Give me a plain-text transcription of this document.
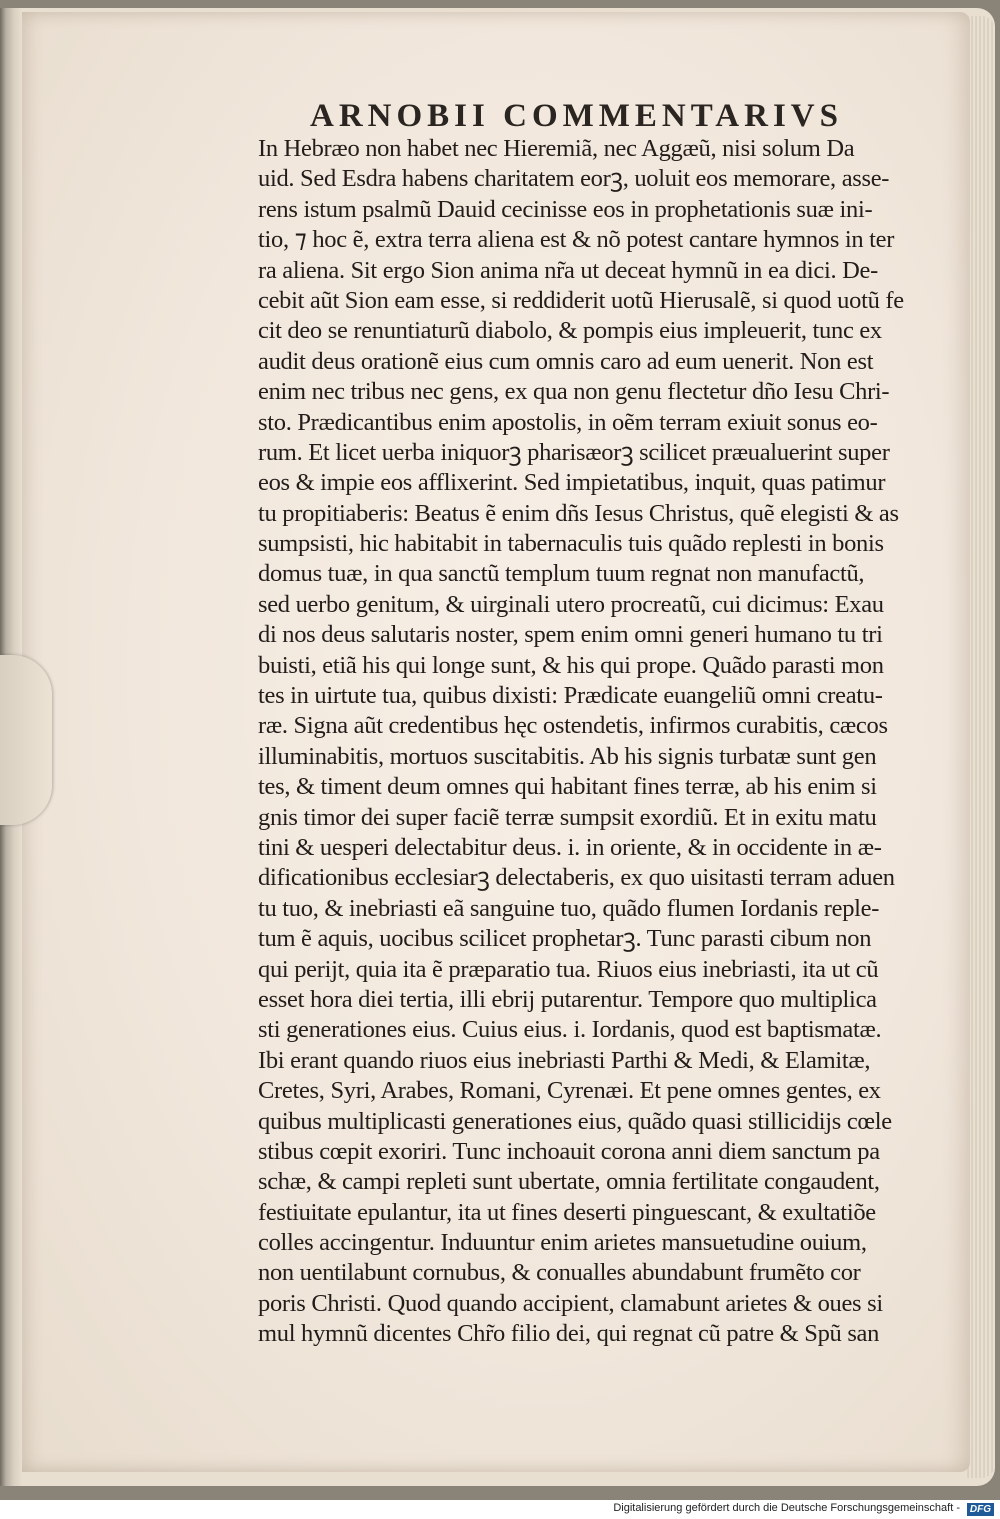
ARNOBII COMMENTARIVS
In Hebræo non habet nec Hieremiã, nec Aggæũ, nisi solum Da
uid. Sed Esdra habens charitatem eorꝫ, uoluit eos memorare, asse-
rens istum psalmũ Dauid cecinisse eos in prophetationis suæ ini-
tio, ⁊ hoc ẽ, extra terra aliena est & nõ potest cantare hymnos in ter
ra aliena. Sit ergo Sion anima nr̃a ut deceat hymnũ in ea dici. De-
cebit aũt Sion eam esse, si reddiderit uotũ Hierusalẽ, si quod uotũ fe
cit deo se renuntiaturũ diabolo, & pompis eius impleuerit, tunc ex
audit deus orationẽ eius cum omnis caro ad eum uenerit. Non est
enim nec tribus nec gens, ex qua non genu flectetur dño Iesu Chri-
sto. Prædicantibus enim apostolis, in oẽm terram exiuit sonus eo-
rum. Et licet uerba iniquorꝫ pharisæorꝫ scilicet præualuerint super
eos & impie eos afflixerint. Sed impietatibus, inquit, quas patimur
tu propitiaberis: Beatus ẽ enim dñs Iesus Christus, quẽ elegisti & as
sumpsisti, hic habitabit in tabernaculis tuis quãdo replesti in bonis
domus tuæ, in qua sanctũ templum tuum regnat non manufactũ,
sed uerbo genitum, & uirginali utero procreatũ, cui dicimus: Exau
di nos deus salutaris noster, spem enim omni generi humano tu tri
buisti, etiã his qui longe sunt, & his qui prope. Quãdo parasti mon
tes in uirtute tua, quibus dixisti: Prædicate euangeliũ omni creatu-
ræ. Signa aũt credentibus hęc ostendetis, infirmos curabitis, cæcos
illuminabitis, mortuos suscitabitis. Ab his signis turbatæ sunt gen
tes, & timent deum omnes qui habitant fines terræ, ab his enim si
gnis timor dei super faciẽ terræ sumpsit exordiũ. Et in exitu matu
tini & uesperi delectabitur deus. i. in oriente, & in occidente in æ-
dificationibus ecclesiarꝫ delectaberis, ex quo uisitasti terram aduen
tu tuo, & inebriasti eã sanguine tuo, quãdo flumen Iordanis reple-
tum ẽ aquis, uocibus scilicet prophetarꝫ. Tunc parasti cibum non
qui perijt, quia ita ẽ præparatio tua. Riuos eius inebriasti, ita ut cũ
esset hora diei tertia, illi ebrij putarentur. Tempore quo multiplica
sti generationes eius. Cuius eius. i. Iordanis, quod est baptismatæ.
Ibi erant quando riuos eius inebriasti Parthi & Medi, & Elamitæ,
Cretes, Syri, Arabes, Romani, Cyrenæi. Et pene omnes gentes, ex
quibus multiplicasti generationes eius, quãdo quasi stillicidijs cœle
stibus cœpit exoriri. Tunc inchoauit corona anni diem sanctum pa
schæ, & campi repleti sunt ubertate, omnia fertilitate congaudent,
festiuitate epulantur, ita ut fines deserti pinguescant, & exultatiõe
colles accingentur. Induuntur enim arietes mansuetudine ouium,
non uentilabunt cornubus, & conualles abundabunt frumẽto cor
poris Christi. Quod quando accipient, clamabunt arietes & oues si
mul hymnũ dicentes Chr̃o filio dei, qui regnat cũ patre & Spũ san
Digitalisierung gefördert durch die Deutsche Forschungsgemeinschaft - DFG
